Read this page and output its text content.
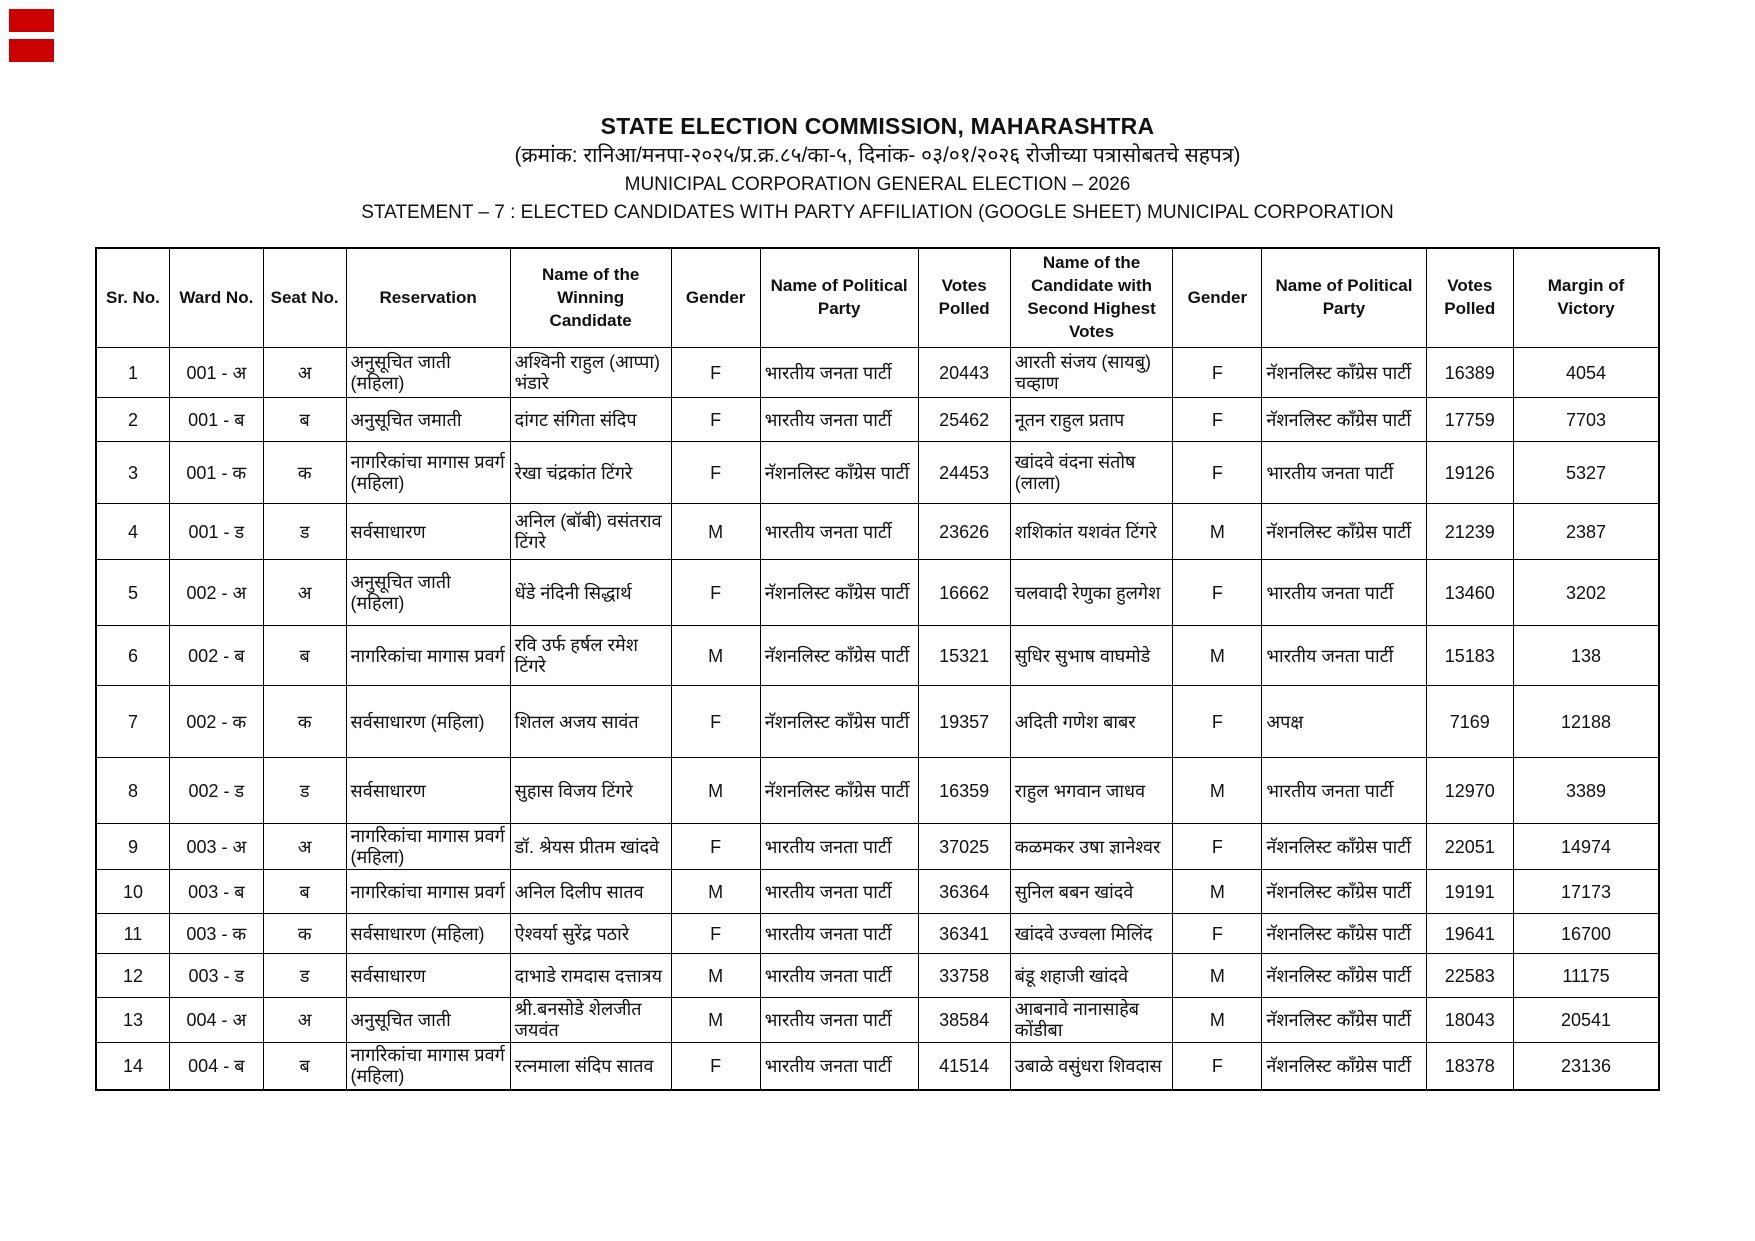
STATE ELECTION COMMISSION, MAHARASHTRA
(क्रमांक: रानिआ/मनपा-२०२५/प्र.क्र.८५/का-५, दिनांक- ०३/०१/२०२६ रोजीच्या पत्रासोबतचे सहपत्र)
MUNICIPAL CORPORATION GENERAL ELECTION – 2026
STATEMENT – 7 : ELECTED CANDIDATES WITH PARTY AFFILIATION (GOOGLE SHEET) MUNICIPAL CORPORATION
Sr. No.	Ward No.	Seat No.	Reservation	Name of the Winning Candidate	Gender	Name of Political Party	Votes Polled	Name of the Candidate with Second Highest Votes	Gender	Name of Political Party	Votes Polled	Margin of Victory
1	001 - अ	अ	अनुसूचित जाती (महिला)	अश्विनी राहुल (आप्पा) भंडारे	F	भारतीय जनता पार्टी	20443	आरती संजय (सायबु) चव्हाण	F	नॅशनलिस्ट काँग्रेस पार्टी	16389	4054
2	001 - ब	ब	अनुसूचित जमाती	दांगट संगिता संदिप	F	भारतीय जनता पार्टी	25462	नूतन राहुल प्रताप	F	नॅशनलिस्ट काँग्रेस पार्टी	17759	7703
3	001 - क	क	नागरिकांचा मागास प्रवर्ग (महिला)	रेखा चंद्रकांत टिंगरे	F	नॅशनलिस्ट काँग्रेस पार्टी	24453	खांदवे वंदना संतोष (लाला)	F	भारतीय जनता पार्टी	19126	5327
4	001 - ड	ड	सर्वसाधारण	अनिल (बॉबी) वसंतराव टिंगरे	M	भारतीय जनता पार्टी	23626	शशिकांत यशवंत टिंगरे	M	नॅशनलिस्ट काँग्रेस पार्टी	21239	2387
5	002 - अ	अ	अनुसूचित जाती (महिला)	धेंडे नंदिनी सिद्धार्थ	F	नॅशनलिस्ट काँग्रेस पार्टी	16662	चलवादी रेणुका हुलगेश	F	भारतीय जनता पार्टी	13460	3202
6	002 - ब	ब	नागरिकांचा मागास प्रवर्ग	रवि उर्फ हर्षल रमेश टिंगरे	M	नॅशनलिस्ट काँग्रेस पार्टी	15321	सुधिर सुभाष वाघमोडे	M	भारतीय जनता पार्टी	15183	138
7	002 - क	क	सर्वसाधारण (महिला)	शितल अजय सावंत	F	नॅशनलिस्ट काँग्रेस पार्टी	19357	अदिती गणेश बाबर	F	अपक्ष	7169	12188
8	002 - ड	ड	सर्वसाधारण	सुहास विजय टिंगरे	M	नॅशनलिस्ट काँग्रेस पार्टी	16359	राहुल भगवान जाधव	M	भारतीय जनता पार्टी	12970	3389
9	003 - अ	अ	नागरिकांचा मागास प्रवर्ग (महिला)	डॉ. श्रेयस प्रीतम खांदवे	F	भारतीय जनता पार्टी	37025	कळमकर उषा ज्ञानेश्वर	F	नॅशनलिस्ट काँग्रेस पार्टी	22051	14974
10	003 - ब	ब	नागरिकांचा मागास प्रवर्ग	अनिल दिलीप सातव	M	भारतीय जनता पार्टी	36364	सुनिल बबन खांदवे	M	नॅशनलिस्ट काँग्रेस पार्टी	19191	17173
11	003 - क	क	सर्वसाधारण (महिला)	ऐश्वर्या सुरेंद्र पठारे	F	भारतीय जनता पार्टी	36341	खांदवे उज्वला मिलिंद	F	नॅशनलिस्ट काँग्रेस पार्टी	19641	16700
12	003 - ड	ड	सर्वसाधारण	दाभाडे रामदास दत्तात्रय	M	भारतीय जनता पार्टी	33758	बंडू शहाजी खांदवे	M	नॅशनलिस्ट काँग्रेस पार्टी	22583	11175
13	004 - अ	अ	अनुसूचित जाती	श्री.बनसोडे शेलजीत जयवंत	M	भारतीय जनता पार्टी	38584	आबनावे नानासाहेब कोंडीबा	M	नॅशनलिस्ट काँग्रेस पार्टी	18043	20541
14	004 - ब	ब	नागरिकांचा मागास प्रवर्ग (महिला)	रत्नमाला संदिप सातव	F	भारतीय जनता पार्टी	41514	उबाळे वसुंधरा शिवदास	F	नॅशनलिस्ट काँग्रेस पार्टी	18378	23136
